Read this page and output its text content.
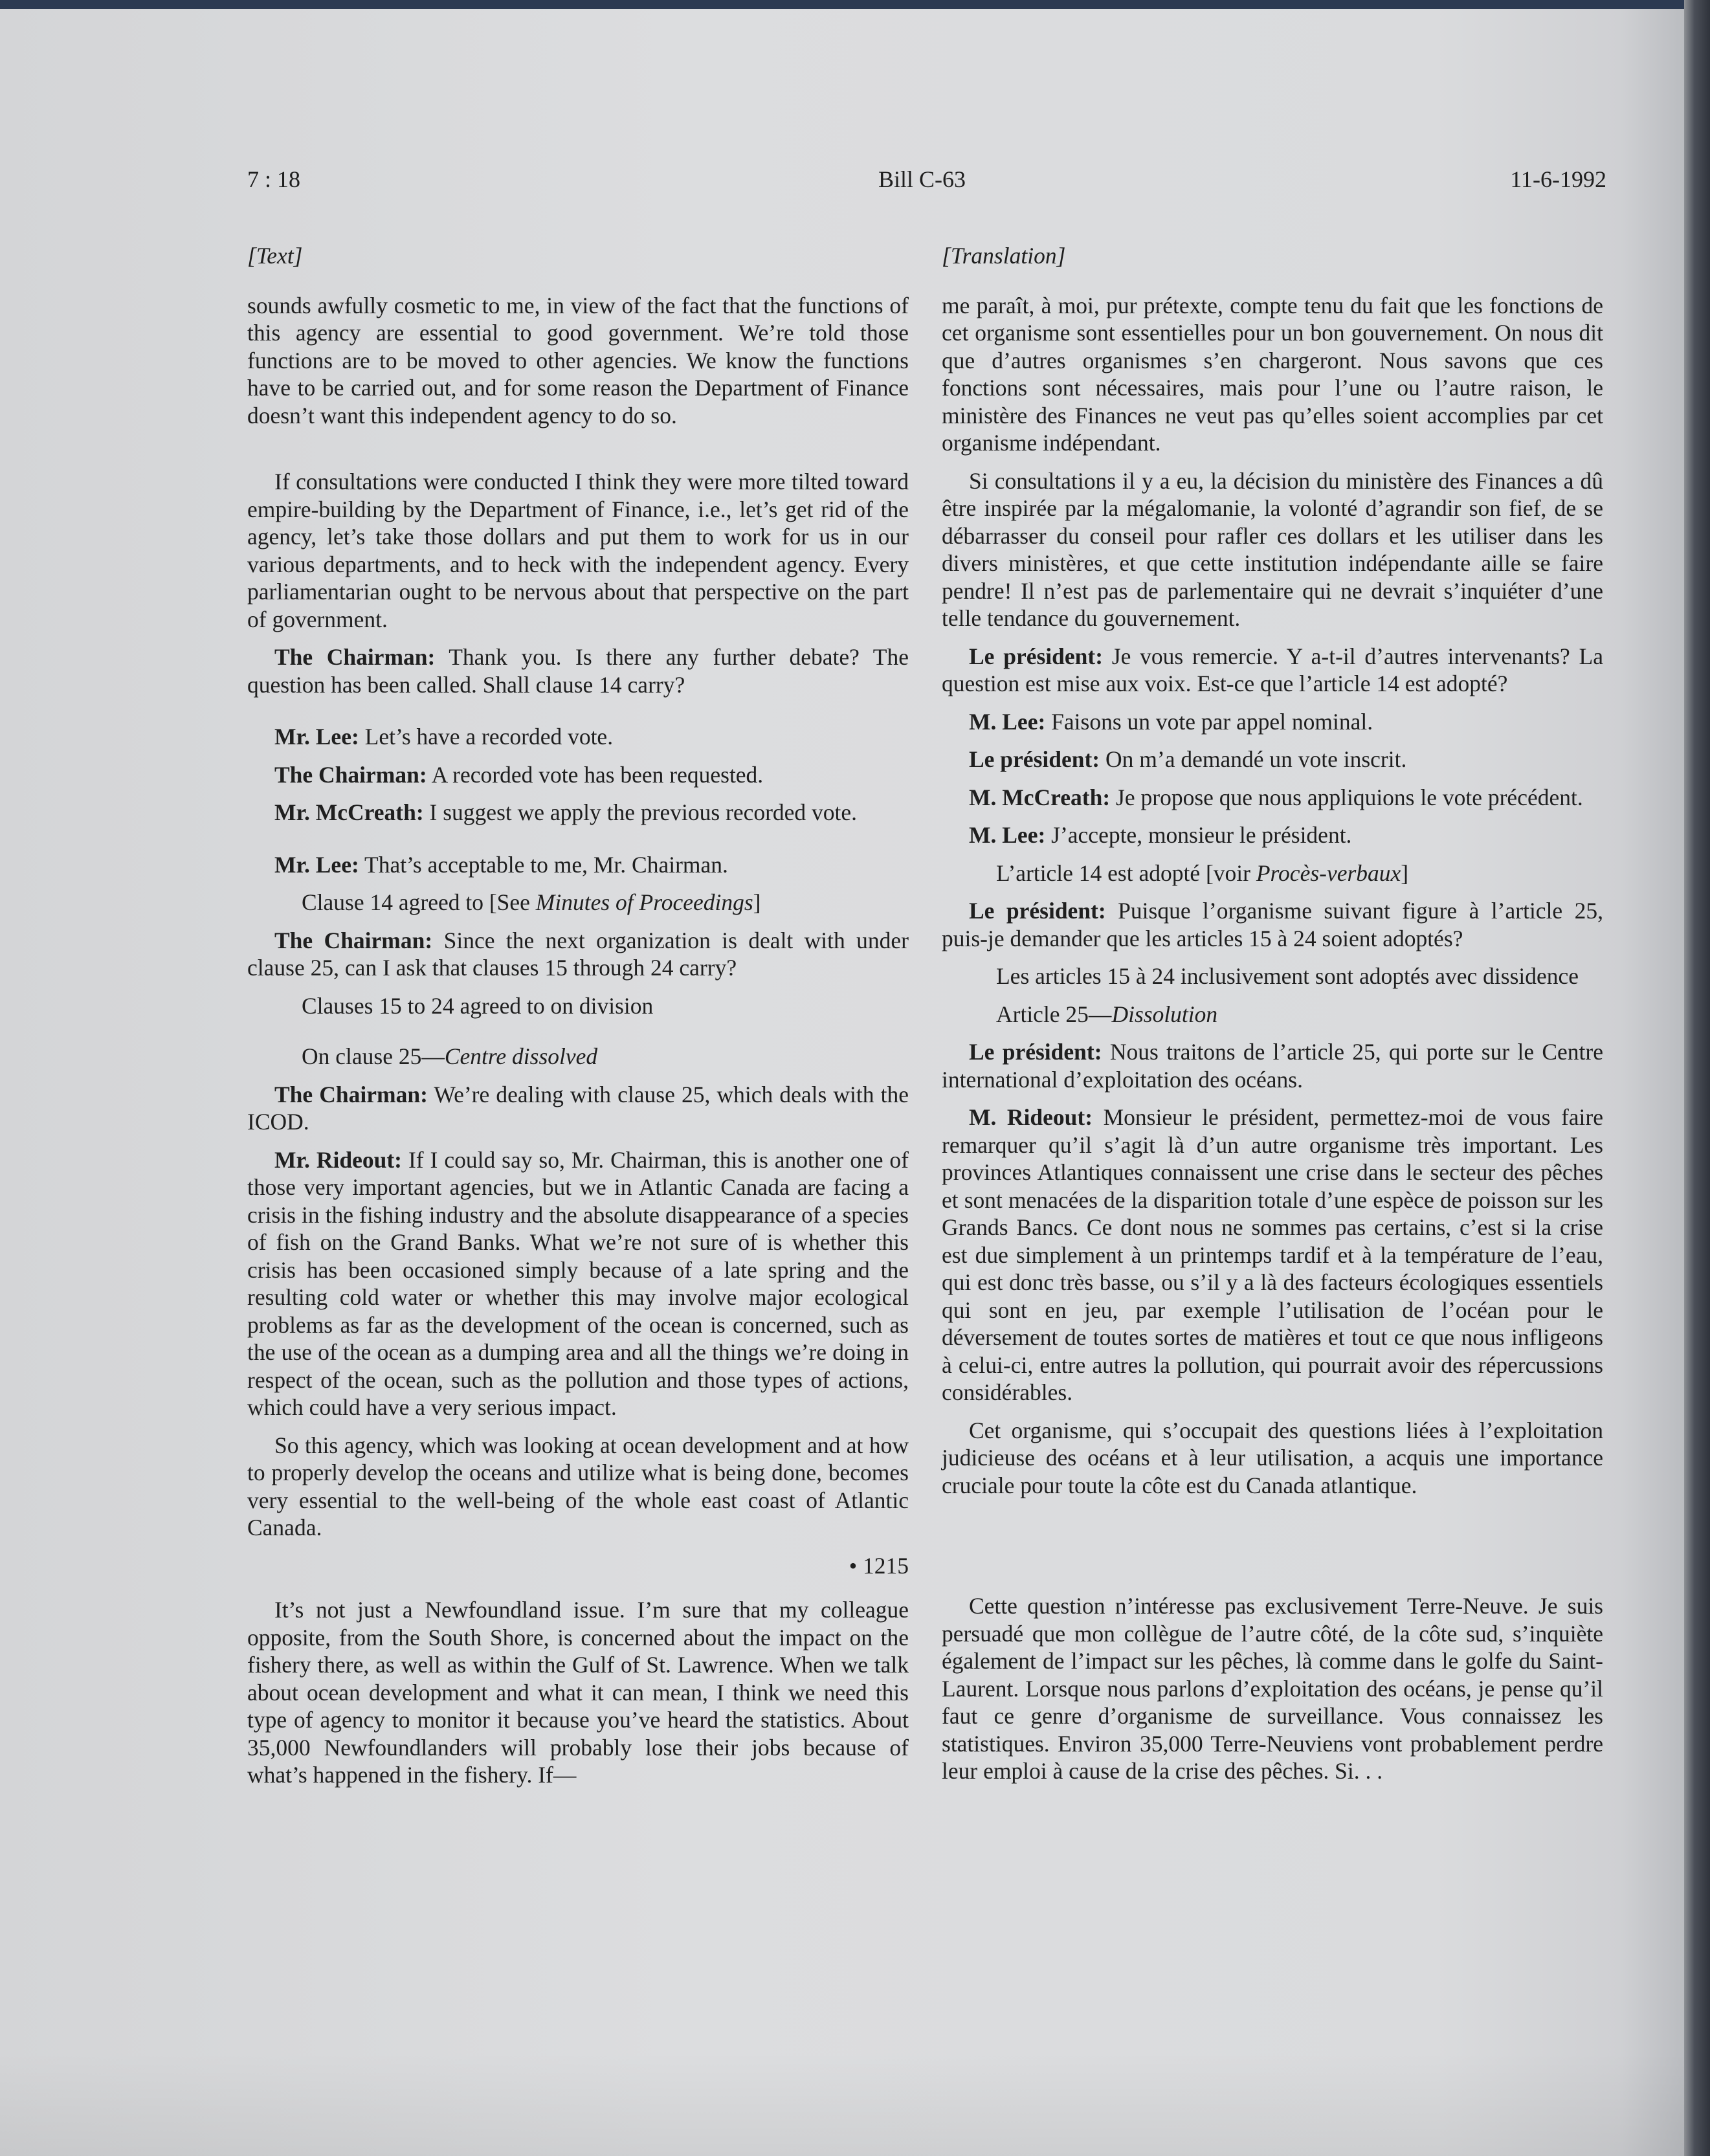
7 : 18	Bill C-63	11-6-1992
[Text]

sounds awfully cosmetic to me, in view of the fact that the functions of this agency are essential to good government. We’re told those functions are to be moved to other agencies. We know the functions have to be carried out, and for some reason the Department of Finance doesn’t want this independent agency to do so.

If consultations were conducted I think they were more tilted toward empire-building by the Department of Finance, i.e., let’s get rid of the agency, let’s take those dollars and put them to work for us in our various departments, and to heck with the independent agency. Every parliamentarian ought to be nervous about that perspective on the part of government.

The Chairman: Thank you. Is there any further debate? The question has been called. Shall clause 14 carry?

Mr. Lee: Let’s have a recorded vote.

The Chairman: A recorded vote has been requested.

Mr. McCreath: I suggest we apply the previous recorded vote.

Mr. Lee: That’s acceptable to me, Mr. Chairman.

Clause 14 agreed to [See Minutes of Proceedings]

The Chairman: Since the next organization is dealt with under clause 25, can I ask that clauses 15 through 24 carry?

Clauses 15 to 24 agreed to on division
On clause 25—Centre dissolved

The Chairman: We’re dealing with clause 25, which deals with the ICOD.

Mr. Rideout: If I could say so, Mr. Chairman, this is another one of those very important agencies, but we in Atlantic Canada are facing a crisis in the fishing industry and the absolute disappearance of a species of fish on the Grand Banks. What we’re not sure of is whether this crisis has been occasioned simply because of a late spring and the resulting cold water or whether this may involve major ecological problems as far as the development of the ocean is concerned, such as the use of the ocean as a dumping area and all the things we’re doing in respect of the ocean, such as the pollution and those types of actions, which could have a very serious impact.

So this agency, which was looking at ocean development and at how to properly develop the oceans and utilize what is being done, becomes very essential to the well-being of the whole east coast of Atlantic Canada.

• 1215

It’s not just a Newfoundland issue. I’m sure that my colleague opposite, from the South Shore, is concerned about the impact on the fishery there, as well as within the Gulf of St. Lawrence. When we talk about ocean development and what it can mean, I think we need this type of agency to monitor it because you’ve heard the statistics. About 35,000 Newfoundlanders will probably lose their jobs because of what’s happened in the fishery. If—

[Translation]

me paraît, à moi, pur prétexte, compte tenu du fait que les fonctions de cet organisme sont essentielles pour un bon gouvernement. On nous dit que d’autres organismes s’en chargeront. Nous savons que ces fonctions sont nécessaires, mais pour l’une ou l’autre raison, le ministère des Finances ne veut pas qu’elles soient accomplies par cet organisme indépendant.

Si consultations il y a eu, la décision du ministère des Finances a dû être inspirée par la mégalomanie, la volonté d’agrandir son fief, de se débarrasser du conseil pour rafler ces dollars et les utiliser dans les divers ministères, et que cette institution indépendante aille se faire pendre! Il n’est pas de parlementaire qui ne devrait s’inquiéter d’une telle tendance du gouvernement.

Le président: Je vous remercie. Y a-t-il d’autres intervenants? La question est mise aux voix. Est-ce que l’article 14 est adopté?

M. Lee: Faisons un vote par appel nominal.

Le président: On m’a demandé un vote inscrit.

M. McCreath: Je propose que nous appliquions le vote précédent.

M. Lee: J’accepte, monsieur le président.

L’article 14 est adopté [voir Procès-verbaux]

Le président: Puisque l’organisme suivant figure à l’article 25, puis-je demander que les articles 15 à 24 soient adoptés?

Les articles 15 à 24 inclusivement sont adoptés avec dissidence

Article 25—Dissolution

Le président: Nous traitons de l’article 25, qui porte sur le Centre international d’exploitation des océans.

M. Rideout: Monsieur le président, permettez-moi de vous faire remarquer qu’il s’agit là d’un autre organisme très important. Les provinces Atlantiques connaissent une crise dans le secteur des pêches et sont menacées de la disparition totale d’une espèce de poisson sur les Grands Bancs. Ce dont nous ne sommes pas certains, c’est si la crise est due simplement à un printemps tardif et à la température de l’eau, qui est donc très basse, ou s’il y a là des facteurs écologiques essentiels qui sont en jeu, par exemple l’utilisation de l’océan pour le déversement de toutes sortes de matières et tout ce que nous infligeons à celui-ci, entre autres la pollution, qui pourrait avoir des répercussions considérables.

Cet organisme, qui s’occupait des questions liées à l’exploitation judicieuse des océans et à leur utilisation, a acquis une importance cruciale pour toute la côte est du Canada atlantique.

Cette question n’intéresse pas exclusivement Terre-Neuve. Je suis persuadé que mon collègue de l’autre côté, de la côte sud, s’inquiète également de l’impact sur les pêches, là comme dans le golfe du Saint-Laurent. Lorsque nous parlons d’exploitation des océans, je pense qu’il faut ce genre d’organisme de surveillance. Vous connaissez les statistiques. Environ 35,000 Terre-Neuviens vont probablement perdre leur emploi à cause de la crise des pêches. Si. . .
